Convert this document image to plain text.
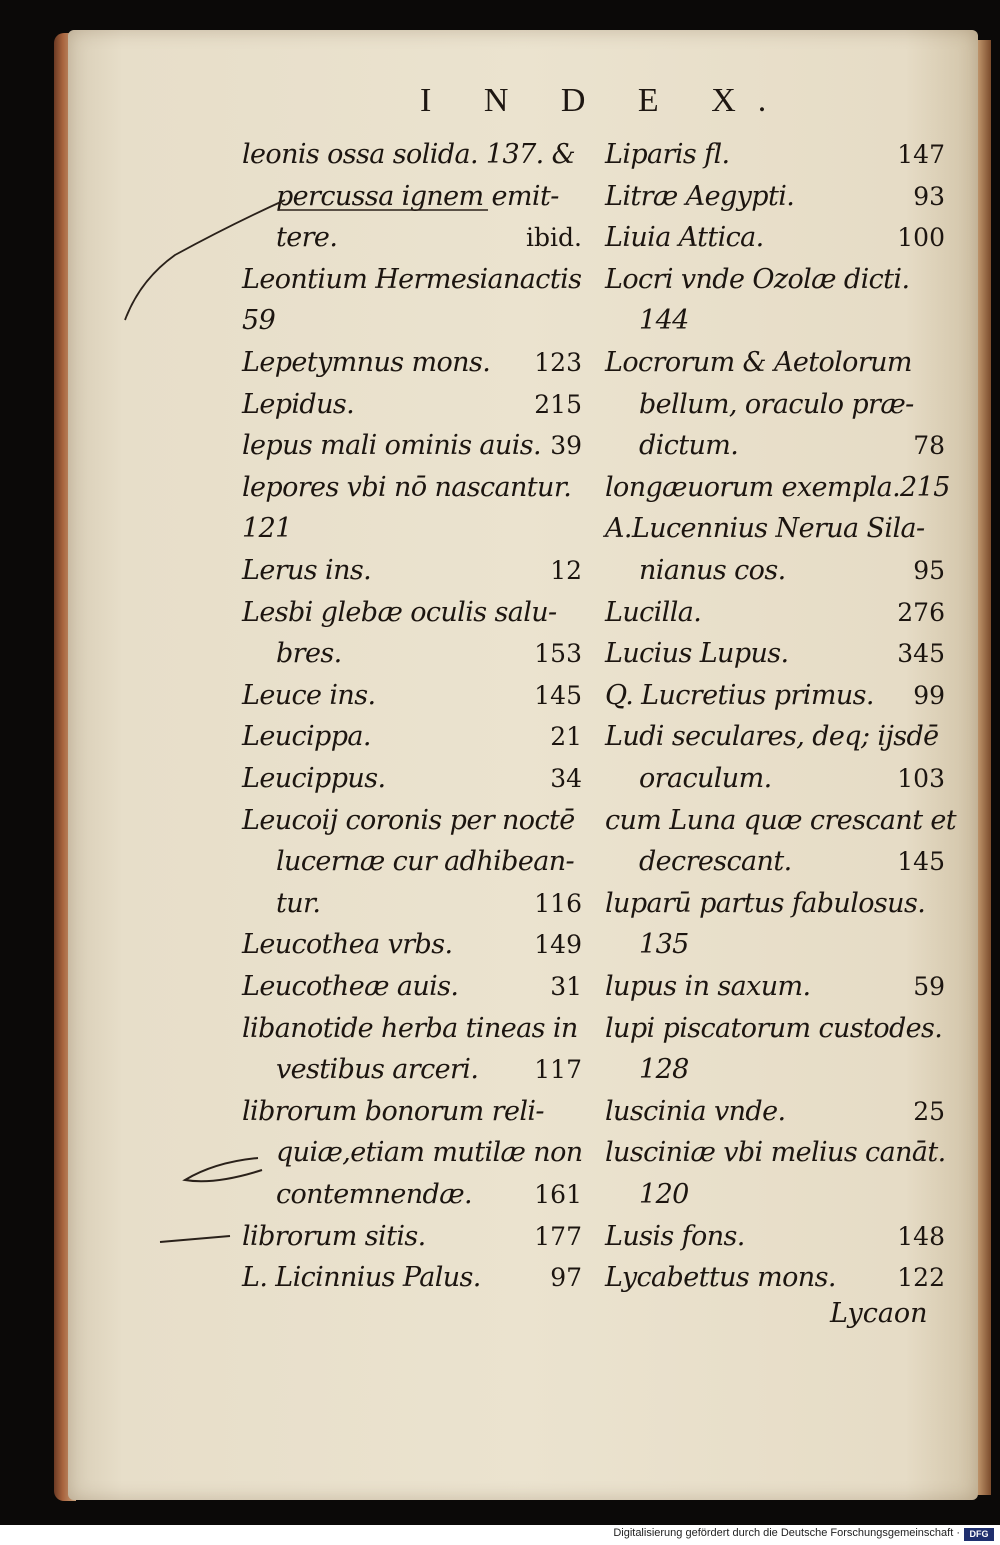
I N D E X.
leonis ossa solida. 137. &
percussa ignem emit-
tere.	ibid.
Leontium Hermesianactis
59
Lepetymnus mons. 123
Lepidus.	215
lepus mali ominis auis. 39
lepores vbi nō nascantur.
121
Lerus ins.	12
Lesbi glebæ oculis salu-
bres.	153
Leuce ins.	145
Leucippa.	21
Leucippus.	34
Leucoij coronis per noctē
lucernæ cur adhibean-
tur.	116
Leucothea vrbs.	149
Leucotheæ auis.	31
libanotide herba tineas in
vestibus arceri. 117
librorum bonorum reli-
quiæ,etiam mutilæ non
contemnendæ. 161
librorum sitis.	177
L. Licinnius Palus.	97
Liparis fl.	147
Litræ Aegypti.	93
Liuia Attica.	100
Locri vnde Ozolæ dicti.
144
Locrorum & Aetolorum
bellum, oraculo præ-
dictum.	78
longæuorum exempla.215
A.Lucennius Nerua Sila-
nianus cos.	95
Lucilla.	276
Lucius Lupus.	345
Q. Lucretius primus. 99
Ludi seculares, deq; ijsdē
oraculum.	103
cum Luna quæ crescant et
decrescant.	145
luparū partus fabulosus.
135
lupus in saxum.	59
lupi piscatorum custodes.
128
luscinia vnde.	25
lusciniæ vbi melius canāt.
120
Lusis fons.	148
Lycabettus mons. 122
Lycaon
Digitalisierung gefördert durch die Deutsche Forschungsgemeinschaft ·	DFG
